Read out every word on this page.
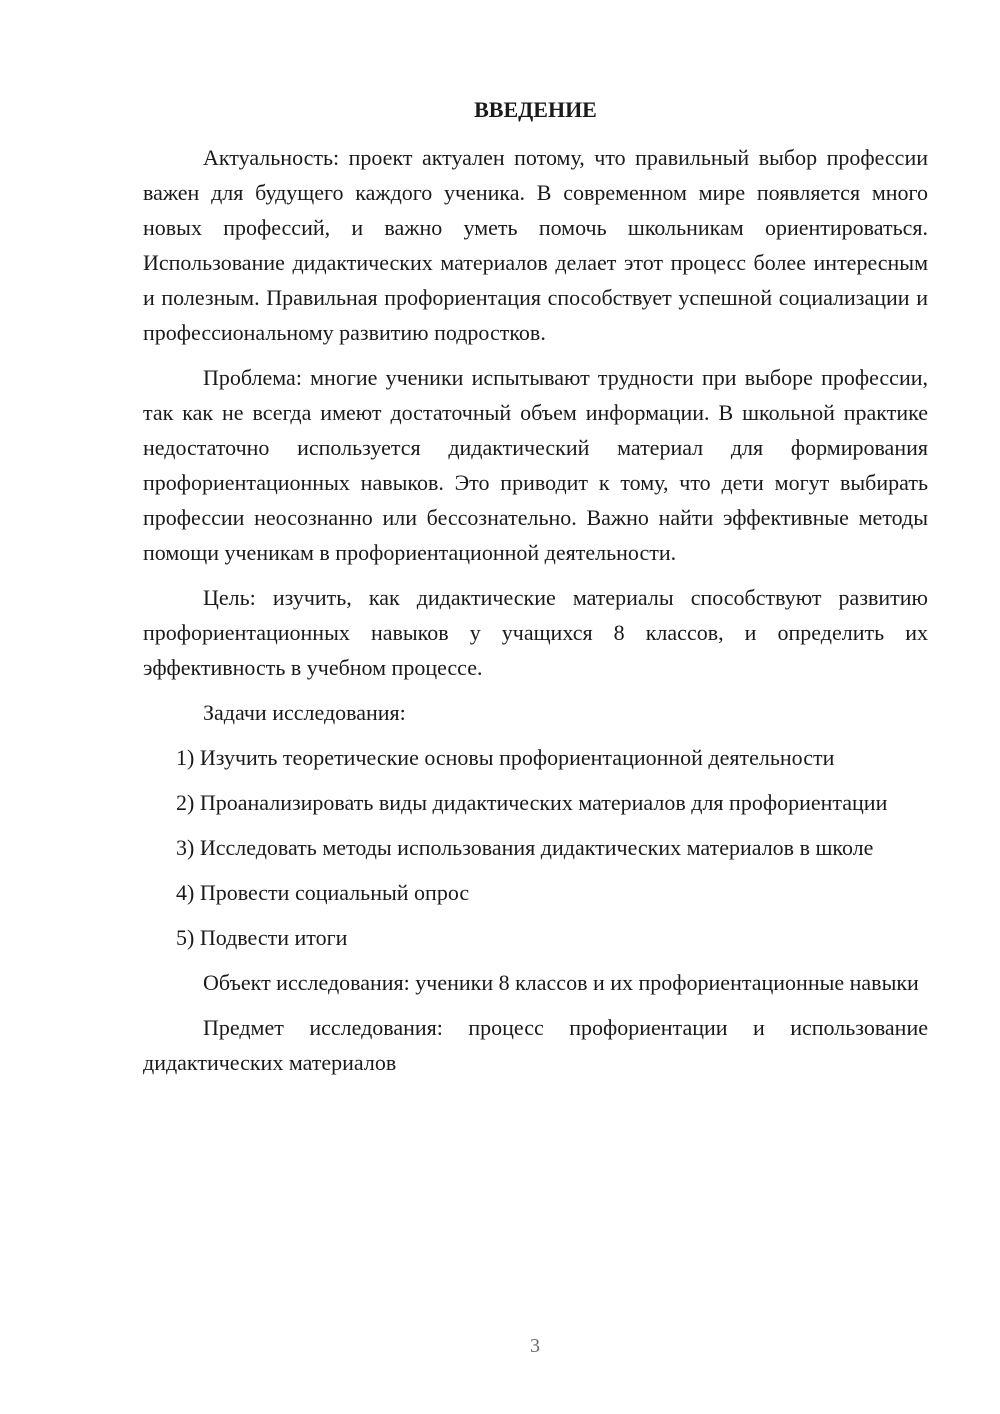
ВВЕДЕНИЕ

Актуальность: проект актуален потому, что правильный выбор профессии важен для будущего каждого ученика. В современном мире появляется много новых профессий, и важно уметь помочь школьникам ориентироваться. Использование дидактических материалов делает этот процесс более интересным и полезным. Правильная профориентация способствует успешной социализации и профессиональному развитию подростков.

Проблема: многие ученики испытывают трудности при выборе профессии, так как не всегда имеют достаточный объем информации. В школьной практике недостаточно используется дидактический материал для формирования профориентационных навыков. Это приводит к тому, что дети могут выбирать профессии неосознанно или бессознательно. Важно найти эффективные методы помощи ученикам в профориентационной деятельности.

Цель: изучить, как дидактические материалы способствуют развитию профориентационных навыков у учащихся 8 классов, и определить их эффективность в учебном процессе.

Задачи исследования:

1) Изучить теоретические основы профориентационной деятельности

2) Проанализировать виды дидактических материалов для профориентации

3) Исследовать методы использования дидактических материалов в школе

4) Провести социальный опрос

5) Подвести итоги

Объект исследования: ученики 8 классов и их профориентационные навыки

Предмет исследования: процесс профориентации и использование дидактических материалов

3
